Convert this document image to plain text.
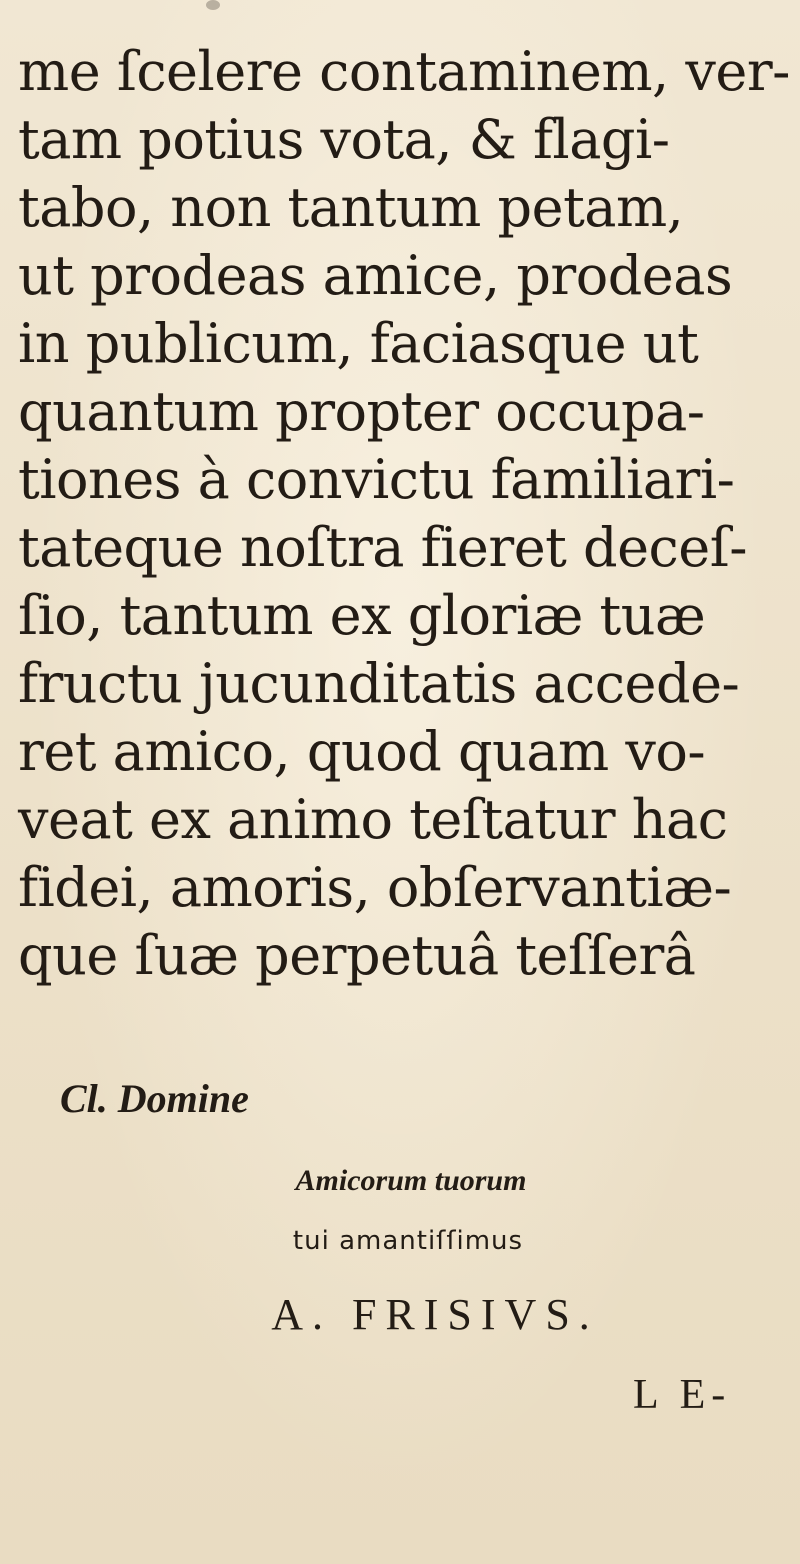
me ſcelere contaminem, ver-
tam potius vota, & flagi-
tabo, non tantum petam,
ut prodeas amice, prodeas
in publicum, faciasque ut
quantum propter occupa-
tiones à convictu familiari-
tateque noſtra fieret deceſ-
ſio, tantum ex gloriæ tuæ
fructu jucunditatis accede-
ret amico, quod quam vo-
veat ex animo teſtatur hac
fidei, amoris, obſervantiæ-
que ſuæ perpetuâ teſſerâ
Cl. Domine
Amicorum tuorum
tui amantiſſimus
A. FRISIVS.
L E-
